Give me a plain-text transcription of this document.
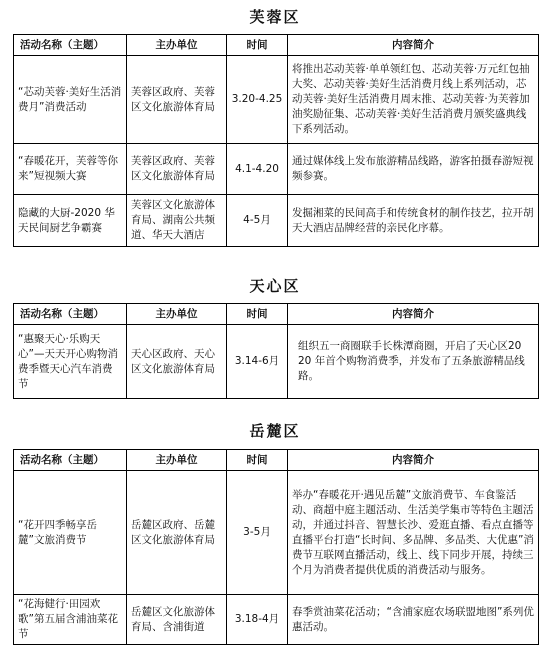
芙蓉区
活动名称（主题）	主办单位	时间	内容简介
“芯动芙蓉·美好生活消费月”消费活动	芙蓉区政府、芙蓉区文化旅游体育局	3.20-4.25	将推出芯动芙蓉·单单领红包、芯动芙蓉·万元红包抽大奖、芯动芙蓉·美好生活消费月线上系列活动，芯动芙蓉·美好生活消费月周末推、芯动芙蓉·为芙蓉加油奖励征集、芯动芙蓉·美好生活消费月颁奖盛典线下系列活动。
“春暖花开，芙蓉等你来”短视频大赛	芙蓉区政府、芙蓉区文化旅游体育局	4.1-4.20	通过媒体线上发布旅游精品线路，游客拍摄春游短视频参赛。
隐藏的大厨-2020 华天民间厨艺争霸赛	芙蓉区文化旅游体育局、湖南公共频道、华天大酒店	4-5月	发掘湘菜的民间高手和传统食材的制作技艺，拉开胡天大酒店品牌经营的亲民化序幕。
天心区
活动名称（主题）	主办单位	时间	内容简介
“惠聚天心·乐购天心”—天天开心购物消费季暨天心汽车消费节	天心区政府、天心区文化旅游体育局	3.14-6月	组织五一商圈联手长株潭商圈，开启了天心区2020 年首个购物消费季，并发布了五条旅游精品线路。
岳麓区
活动名称（主题）	主办单位	时间	内容简介
“花开四季畅享岳麓”文旅消费节	岳麓区政府、岳麓区文化旅游体育局	3-5月	举办“春暖花开·遇见岳麓”文旅消费节、车食鉴活动、商超中庭主题活动、生活美学集市等特色主题活动，并通过抖音、智慧长沙、爱逛直播、看点直播等直播平台打造“长时间、多品牌、多品类、大优惠”消费节互联网直播活动，线上、线下同步开展，持续三个月为消费者提供优质的消费活动与服务。
“花海健行·田园欢歌”第五届含浦油菜花节	岳麓区文化旅游体育局、含浦街道	3.18-4月	春季赏油菜花活动；“含浦家庭农场联盟地图”系列优惠活动。
